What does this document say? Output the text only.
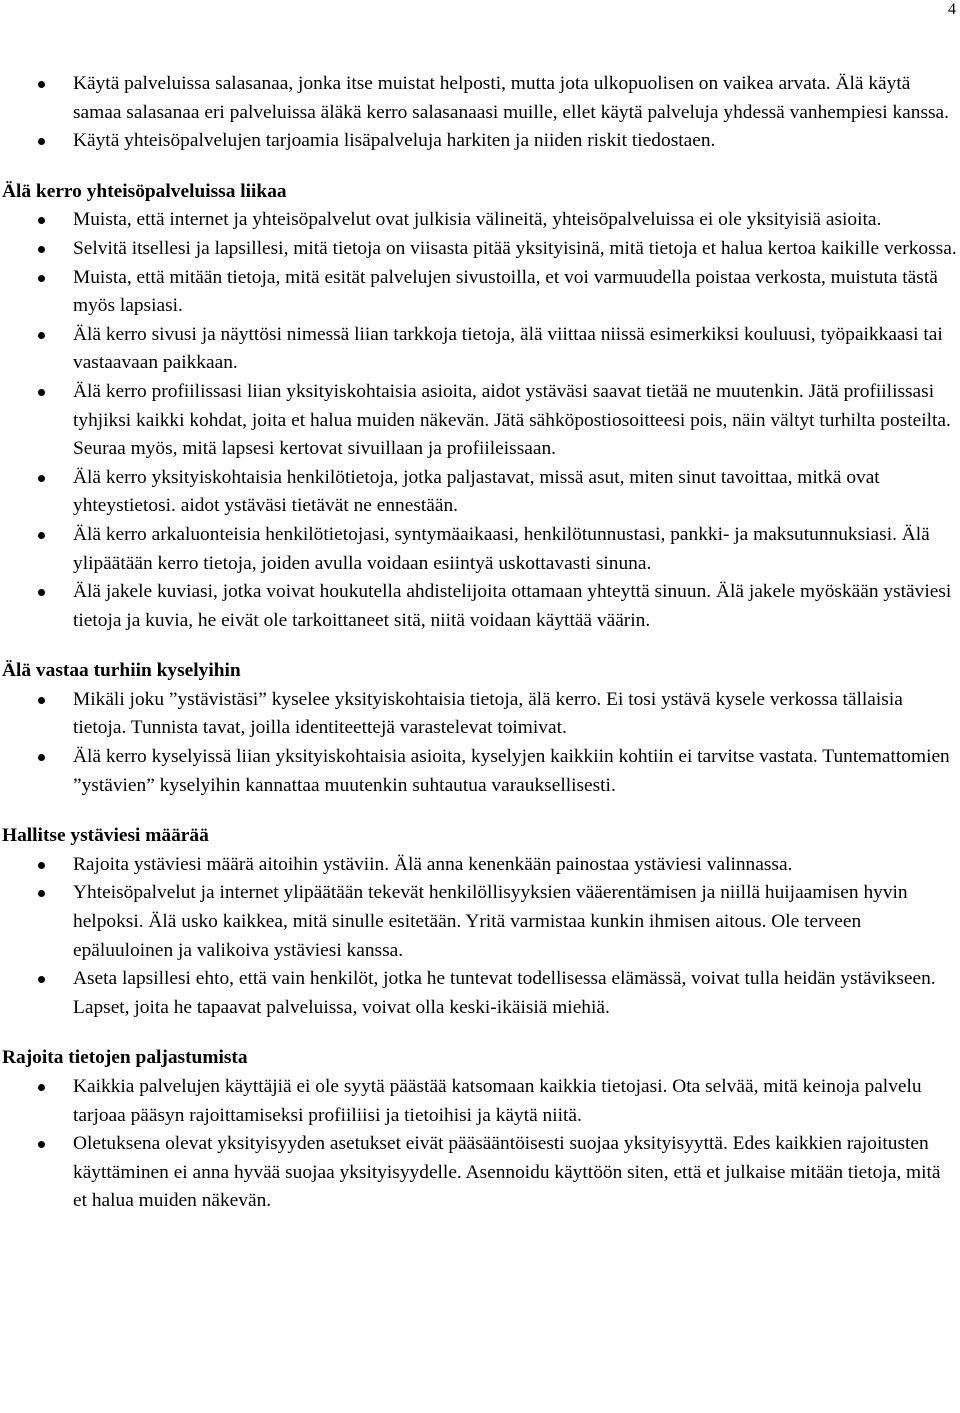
4
Käytä palveluissa salasanaa, jonka itse muistat helposti, mutta jota ulkopuolisen on vaikea arvata. Älä käytä samaa salasanaa eri palveluissa äläkä kerro salasanaasi muille, ellet käytä palveluja yhdessä vanhempiesi kanssa.
Käytä yhteisöpalvelujen tarjoamia lisäpalveluja harkiten ja niiden riskit tiedostaen.
Älä kerro yhteisöpalveluissa liikaa
Muista, että internet ja yhteisöpalvelut ovat julkisia välineitä, yhteisöpalveluissa ei ole yksityisiä asioita.
Selvitä itsellesi ja lapsillesi, mitä tietoja on viisasta pitää yksityisinä, mitä tietoja et halua kertoa kaikille verkossa.
Muista, että mitään tietoja, mitä esität palvelujen sivustoilla, et voi varmuudella poistaa verkosta, muistuta tästä myös lapsiasi.
Älä kerro sivusi ja näyttösi nimessä liian tarkkoja tietoja, älä viittaa niissä esimerkiksi kouluusi, työpaikkaasi tai vastaavaan paikkaan.
Älä kerro profiilissasi liian yksityiskohtaisia asioita, aidot ystäväsi saavat tietää ne muutenkin. Jätä profiilissasi tyhjiksi kaikki kohdat, joita et halua muiden näkevän. Jätä sähköpostiosoitteesi pois, näin vältyt turhilta posteilta. Seuraa myös, mitä lapsesi kertovat sivuillaan ja profiileissaan.
Älä kerro yksityiskohtaisia henkilötietoja, jotka paljastavat, missä asut, miten sinut tavoittaa, mitkä ovat yhteystietosi. aidot ystäväsi tietävät ne ennestään.
Älä kerro arkaluonteisia henkilötietojasi, syntymäaikaasi, henkilötunnustasi, pankki- ja maksutunnuksiasi. Älä ylipäätään kerro tietoja, joiden avulla voidaan esiintyä uskottavasti sinuna.
Älä jakele kuviasi, jotka voivat houkutella ahdistelijoita ottamaan yhteyttä sinuun. Älä jakele myöskään ystäviesi tietoja ja kuvia, he eivät ole tarkoittaneet sitä, niitä voidaan käyttää väärin.
Älä vastaa turhiin kyselyihin
Mikäli joku ”ystävistäsi” kyselee yksityiskohtaisia tietoja, älä kerro. Ei tosi ystävä kysele verkossa tällaisia tietoja. Tunnista tavat, joilla identiteettejä varastelevat toimivat.
Älä kerro kyselyissä liian yksityiskohtaisia asioita, kyselyjen kaikkiin kohtiin ei tarvitse vastata. Tuntemattomien ”ystävien” kyselyihin kannattaa muutenkin suhtautua varauksellisesti.
Hallitse ystäviesi määrää
Rajoita ystäviesi määrä aitoihin ystäviin. Älä anna kenenkään painostaa ystäviesi valinnassa.
Yhteisöpalvelut ja internet ylipäätään tekevät henkilöllisyyksien vääerentämisen ja niillä huijaamisen hyvin helpoksi. Älä usko kaikkea, mitä sinulle esitetään. Yritä varmistaa kunkin ihmisen aitous. Ole terveen epäluuloinen ja valikoiva ystäviesi kanssa.
Aseta lapsillesi ehto, että vain henkilöt, jotka he tuntevat todellisessa elämässä, voivat tulla heidän ystävikseen. Lapset, joita he tapaavat palveluissa, voivat olla keski-ikäisiä miehiä.
Rajoita tietojen paljastumista
Kaikkia palvelujen käyttäjiä ei ole syytä päästää katsomaan kaikkia tietojasi. Ota selvää, mitä keinoja palvelu tarjoaa pääsyn rajoittamiseksi profiiliisi ja tietoihisi ja käytä niitä.
Oletuksena olevat yksityisyyden asetukset eivät pääsääntöisesti suojaa yksityisyyttä. Edes kaikkien rajoitusten käyttäminen ei anna hyvää suojaa yksityisyydelle. Asennoidu käyttöön siten, että et julkaise mitään tietoja, mitä et halua muiden näkevän.
